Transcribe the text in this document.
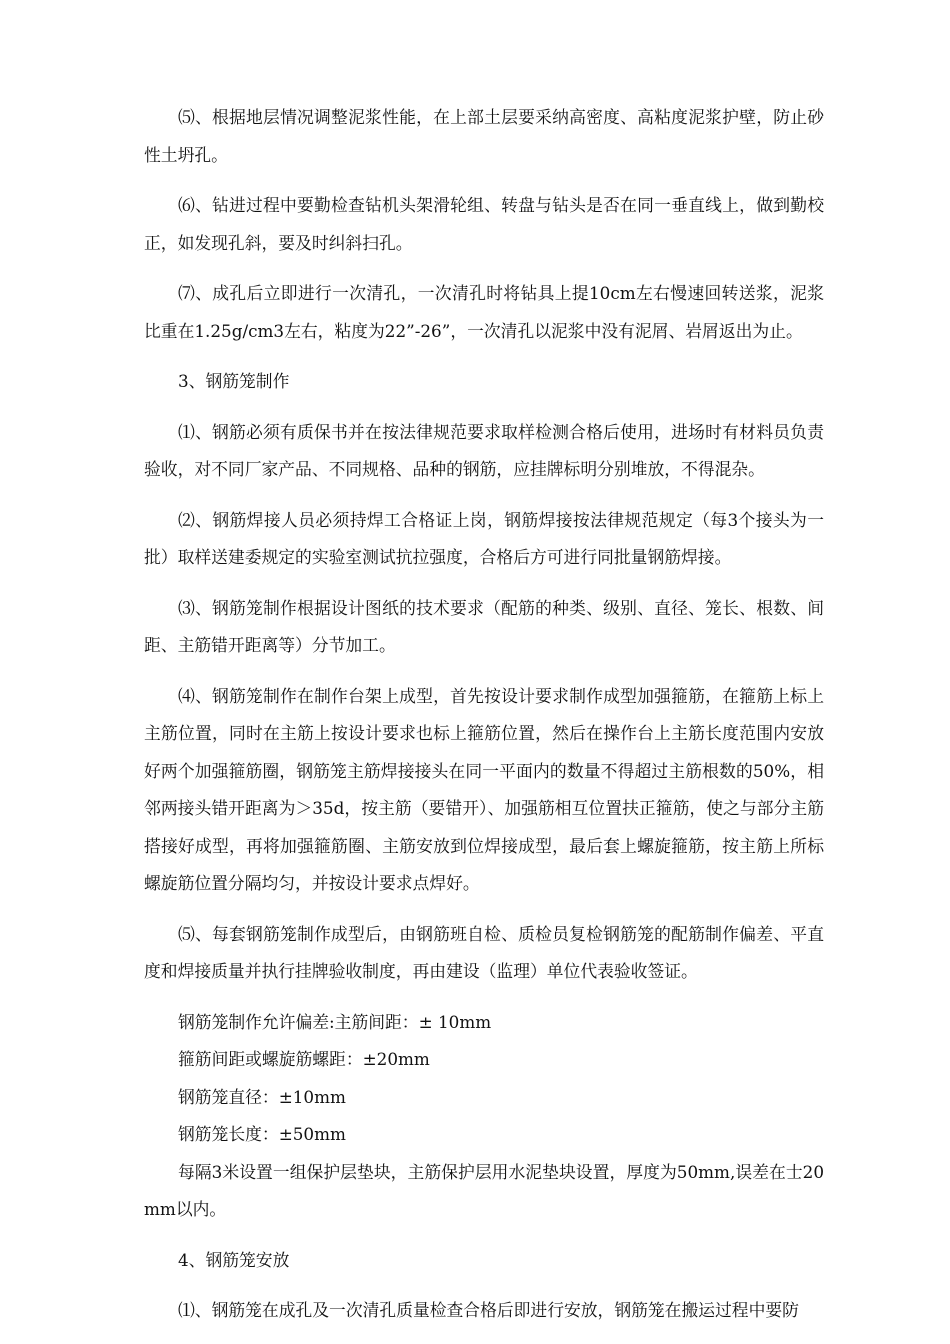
⑸、根据地层情况调整泥浆性能，在上部土层要采纳高密度、高粘度泥浆护壁，防止砂性土坍孔。

⑹、钻进过程中要勤检查钻机头架滑轮组、转盘与钻头是否在同一垂直线上，做到勤校正，如发现孔斜，要及时纠斜扫孔。

⑺、成孔后立即进行一次清孔，一次清孔时将钻具上提10cm左右慢速回转送浆，泥浆比重在1.25g/cm3左右，粘度为22”-26”，一次清孔以泥浆中没有泥屑、岩屑返出为止。

3、钢筋笼制作

⑴、钢筋必须有质保书并在按法律规范要求取样检测合格后使用，进场时有材料员负责验收，对不同厂家产品、不同规格、品种的钢筋，应挂牌标明分别堆放，不得混杂。

⑵、钢筋焊接人员必须持焊工合格证上岗，钢筋焊接按法律规范规定（每3个接头为一批）取样送建委规定的实验室测试抗拉强度，合格后方可进行同批量钢筋焊接。

⑶、钢筋笼制作根据设计图纸的技术要求（配筋的种类、级别、直径、笼长、根数、间距、主筋错开距离等）分节加工。

⑷、钢筋笼制作在制作台架上成型，首先按设计要求制作成型加强箍筋，在箍筋上标上主筋位置，同时在主筋上按设计要求也标上箍筋位置，然后在操作台上主筋长度范围内安放好两个加强箍筋圈，钢筋笼主筋焊接接头在同一平面内的数量不得超过主筋根数的50%，相邻两接头错开距离为＞35d，按主筋（要错开）、加强筋相互位置扶正箍筋，使之与部分主筋搭接好成型，再将加强箍筋圈、主筋安放到位焊接成型，最后套上螺旋箍筋，按主筋上所标螺旋筋位置分隔均匀，并按设计要求点焊好。

⑸、每套钢筋笼制作成型后，由钢筋班自检、质检员复检钢筋笼的配筋制作偏差、平直度和焊接质量并执行挂牌验收制度，再由建设（监理）单位代表验收签证。

钢筋笼制作允许偏差:主筋间距：± 10mm

箍筋间距或螺旋筋螺距：±20mm

钢筋笼直径：±10mm

钢筋笼长度：±50mm

每隔3米设置一组保护层垫块，主筋保护层用水泥垫块设置，厚度为50mm,误差在士20mm以内。

4、钢筋笼安放

⑴、钢筋笼在成孔及一次清孔质量检查合格后即进行安放，钢筋笼在搬运过程中要防
